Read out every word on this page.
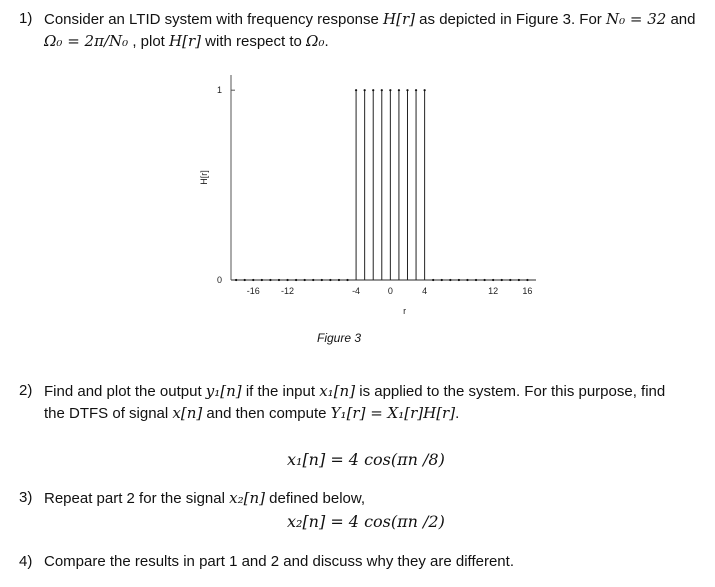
1) Consider an LTID system with frequency response H[r] as depicted in Figure 3. For N₀ = 32 and
Ω₀ = 2π/N₀ , plot H[r] with respect to Ω₀.
2) Find and plot the output y₁[n] if the input x₁[n] is applied to the system. For this purpose, find
the DTFS of signal x[n] and then compute Y₁[r] = X₁[r]H[r].
x₁[n] = 4 cos(πn /8)
3) Repeat part 2 for the signal x₂[n] defined below,
x₂[n] = 4 cos(πn /2)
4) Compare the results in part 1 and 2 and discuss why they are different.
0
1
-16 -12	-4	0	4	12	16
r
H[r]
Figure 3
